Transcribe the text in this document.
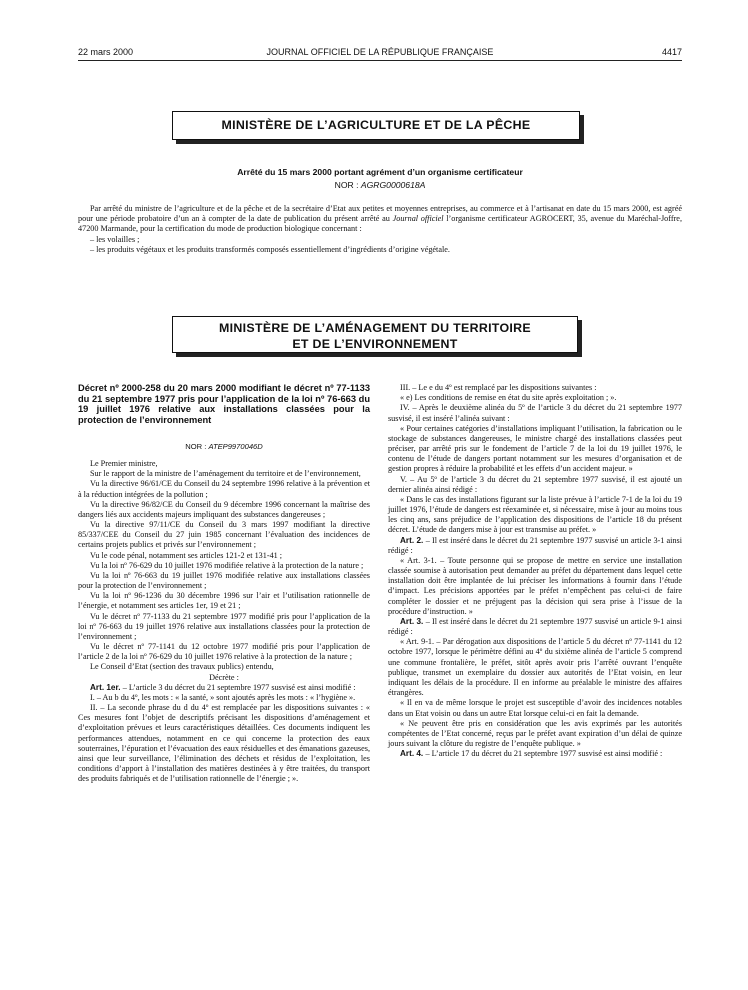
22 mars 2000	JOURNAL OFFICIEL DE LA RÉPUBLIQUE FRANÇAISE	4417
MINISTÈRE DE L’AGRICULTURE ET DE LA PÊCHE
Arrêté du 15 mars 2000 portant agrément d’un organisme certificateur
NOR : AGRG0000618A

Par arrêté du ministre de l’agriculture et de la pêche et de la secrétaire d’Etat aux petites et moyennes entreprises, au commerce et à l’artisanat en date du 15 mars 2000, est agréé pour une période probatoire d’un an à compter de la date de publication du présent arrêté au Journal officiel l’organisme certificateur AGROCERT, 35, avenue du Maréchal-Joffre, 47200 Marmande, pour la certification du mode de production biologique concernant :

– les volailles ;

– les produits végétaux et les produits transformés composés essentiellement d’ingrédients d’origine végétale.

MINISTÈRE DE L’AMÉNAGEMENT DU TERRITOIRE
ET DE L’ENVIRONNEMENT
Décret nº 2000-258 du 20 mars 2000 modifiant le décret nº 77-1133 du 21 septembre 1977 pris pour l’application de la loi nº 76-663 du 19 juillet 1976 relative aux installations classées pour la protection de l’environnement
NOR : ATEP9970046D

Le Premier ministre,

Sur le rapport de la ministre de l’aménagement du territoire et de l’environnement,

Vu la directive 96/61/CE du Conseil du 24 septembre 1996 relative à la prévention et à la réduction intégrées de la pollution ;

Vu la directive 96/82/CE du Conseil du 9 décembre 1996 concernant la maîtrise des dangers liés aux accidents majeurs impliquant des substances dangereuses ;

Vu la directive 97/11/CE du Conseil du 3 mars 1997 modifiant la directive 85/337/CEE du Conseil du 27 juin 1985 concernant l’évaluation des incidences de certains projets publics et privés sur l’environnement ;

Vu le code pénal, notamment ses articles 121-2 et 131-41 ;

Vu la loi nº 76-629 du 10 juillet 1976 modifiée relative à la protection de la nature ;

Vu la loi nº 76-663 du 19 juillet 1976 modifiée relative aux installations classées pour la protection de l’environnement ;

Vu la loi nº 96-1236 du 30 décembre 1996 sur l’air et l’utilisation rationnelle de l’énergie, et notamment ses articles 1er, 19 et 21 ;

Vu le décret nº 77-1133 du 21 septembre 1977 modifié pris pour l’application de la loi nº 76-663 du 19 juillet 1976 relative aux installations classées pour la protection de l’environnement ;

Vu le décret nº 77-1141 du 12 octobre 1977 modifié pris pour l’application de l’article 2 de la loi nº 76-629 du 10 juillet 1976 relative à la protection de la nature ;

Le Conseil d’Etat (section des travaux publics) entendu,

Décrète :

Art. 1er. – L’article 3 du décret du 21 septembre 1977 susvisé est ainsi modifié :

I. – Au b du 4º, les mots : « la santé, » sont ajoutés après les mots : « l’hygiène ».

II. – La seconde phrase du d du 4º est remplacée par les dispositions suivantes : « Ces mesures font l’objet de descriptifs précisant les dispositions d’aménagement et d’exploitation prévues et leurs caractéristiques détaillées. Ces documents indiquent les performances attendues, notamment en ce qui concerne la protection des eaux souterraines, l’épuration et l’évacuation des eaux résiduelles et des émanations gazeuses, ainsi que leur surveillance, l’élimination des déchets et résidus de l’exploitation, les conditions d’apport à l’installation des matières destinées à y être traitées, du transport des produits fabriqués et de l’utilisation rationnelle de l’énergie ; ».

III. – Le e du 4º est remplacé par les dispositions suivantes :

« e) Les conditions de remise en état du site après exploitation ; ».

IV. – Après le deuxième alinéa du 5º de l’article 3 du décret du 21 septembre 1977 susvisé, il est inséré l’alinéa suivant :

« Pour certaines catégories d’installations impliquant l’utilisation, la fabrication ou le stockage de substances dangereuses, le ministre chargé des installations classées peut préciser, par arrêté pris sur le fondement de l’article 7 de la loi du 19 juillet 1976, le contenu de l’étude de dangers portant notamment sur les mesures d’organisation et de gestion propres à réduire la probabilité et les effets d’un accident majeur. »

V. – Au 5º de l’article 3 du décret du 21 septembre 1977 susvisé, il est ajouté un dernier alinéa ainsi rédigé :

« Dans le cas des installations figurant sur la liste prévue à l’article 7-1 de la loi du 19 juillet 1976, l’étude de dangers est réexaminée et, si nécessaire, mise à jour au moins tous les cinq ans, sans préjudice de l’application des dispositions de l’article 18 du présent décret. L’étude de dangers mise à jour est transmise au préfet. »

Art. 2. – Il est inséré dans le décret du 21 septembre 1977 susvisé un article 3-1 ainsi rédigé :

« Art. 3-1. – Toute personne qui se propose de mettre en service une installation classée soumise à autorisation peut demander au préfet du département dans lequel cette installation doit être implantée de lui préciser les informations à fournir dans l’étude d’impact. Les précisions apportées par le préfet n’empêchent pas celui-ci de faire compléter le dossier et ne préjugent pas la décision qui sera prise à l’issue de la procédure d’instruction. »

Art. 3. – Il est inséré dans le décret du 21 septembre 1977 susvisé un article 9-1 ainsi rédigé :

« Art. 9-1. – Par dérogation aux dispositions de l’article 5 du décret nº 77-1141 du 12 octobre 1977, lorsque le périmètre défini au 4º du sixième alinéa de l’article 5 comprend une commune frontalière, le préfet, sitôt après avoir pris l’arrêté ouvrant l’enquête publique, transmet un exemplaire du dossier aux autorités de l’Etat voisin, en leur indiquant les délais de la procédure. Il en informe au préalable le ministre des affaires étrangères.

« Il en va de même lorsque le projet est susceptible d’avoir des incidences notables dans un Etat voisin ou dans un autre Etat lorsque celui-ci en fait la demande.

« Ne peuvent être pris en considération que les avis exprimés par les autorités compétentes de l’Etat concerné, reçus par le préfet avant expiration d’un délai de quinze jours suivant la clôture du registre de l’enquête publique. »

Art. 4. – L’article 17 du décret du 21 septembre 1977 susvisé est ainsi modifié :
